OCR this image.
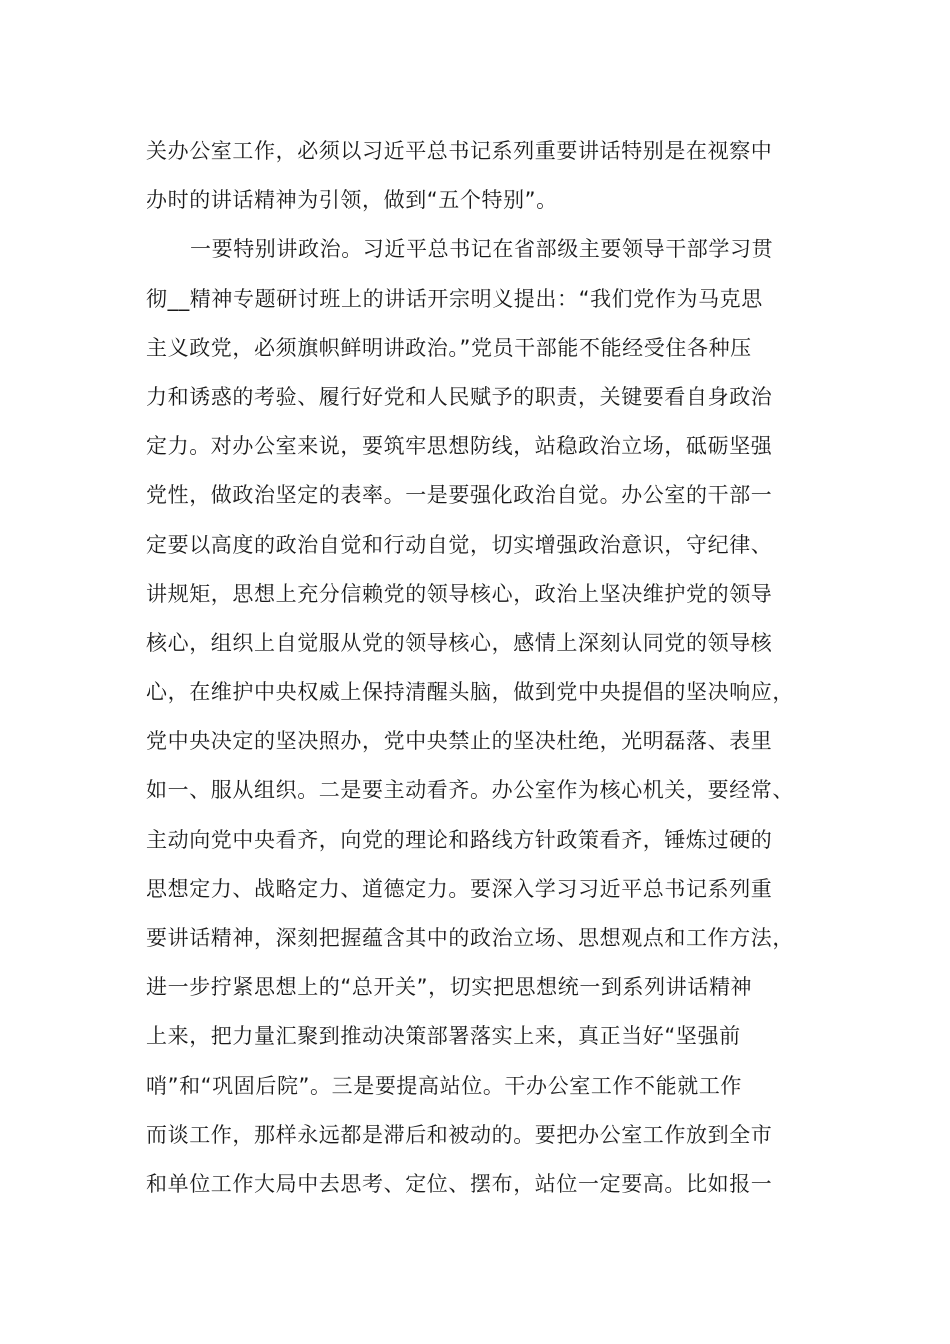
关办公室工作，必须以习近平总书记系列重要讲话特别是在视察中
办时的讲话精神为引领，做到“五个特别”。
一要特别讲政治。习近平总书记在省部级主要领导干部学习贯
彻__精神专题研讨班上的讲话开宗明义提出：“我们党作为马克思
主义政党，必须旗帜鲜明讲政治。”党员干部能不能经受住各种压
力和诱惑的考验、履行好党和人民赋予的职责，关键要看自身政治
定力。对办公室来说，要筑牢思想防线，站稳政治立场，砥砺坚强
党性，做政治坚定的表率。一是要强化政治自觉。办公室的干部一
定要以高度的政治自觉和行动自觉，切实增强政治意识，守纪律、
讲规矩，思想上充分信赖党的领导核心，政治上坚决维护党的领导
核心，组织上自觉服从党的领导核心，感情上深刻认同党的领导核
心，在维护中央权威上保持清醒头脑，做到党中央提倡的坚决响应，
党中央决定的坚决照办，党中央禁止的坚决杜绝，光明磊落、表里
如一、服从组织。二是要主动看齐。办公室作为核心机关，要经常、
主动向党中央看齐，向党的理论和路线方针政策看齐，锤炼过硬的
思想定力、战略定力、道德定力。要深入学习习近平总书记系列重
要讲话精神，深刻把握蕴含其中的政治立场、思想观点和工作方法，
进一步拧紧思想上的“总开关”，切实把思想统一到系列讲话精神
上来，把力量汇聚到推动决策部署落实上来，真正当好“坚强前
哨”和“巩固后院”。三是要提高站位。干办公室工作不能就工作
而谈工作，那样永远都是滞后和被动的。要把办公室工作放到全市
和单位工作大局中去思考、定位、摆布，站位一定要高。比如报一
